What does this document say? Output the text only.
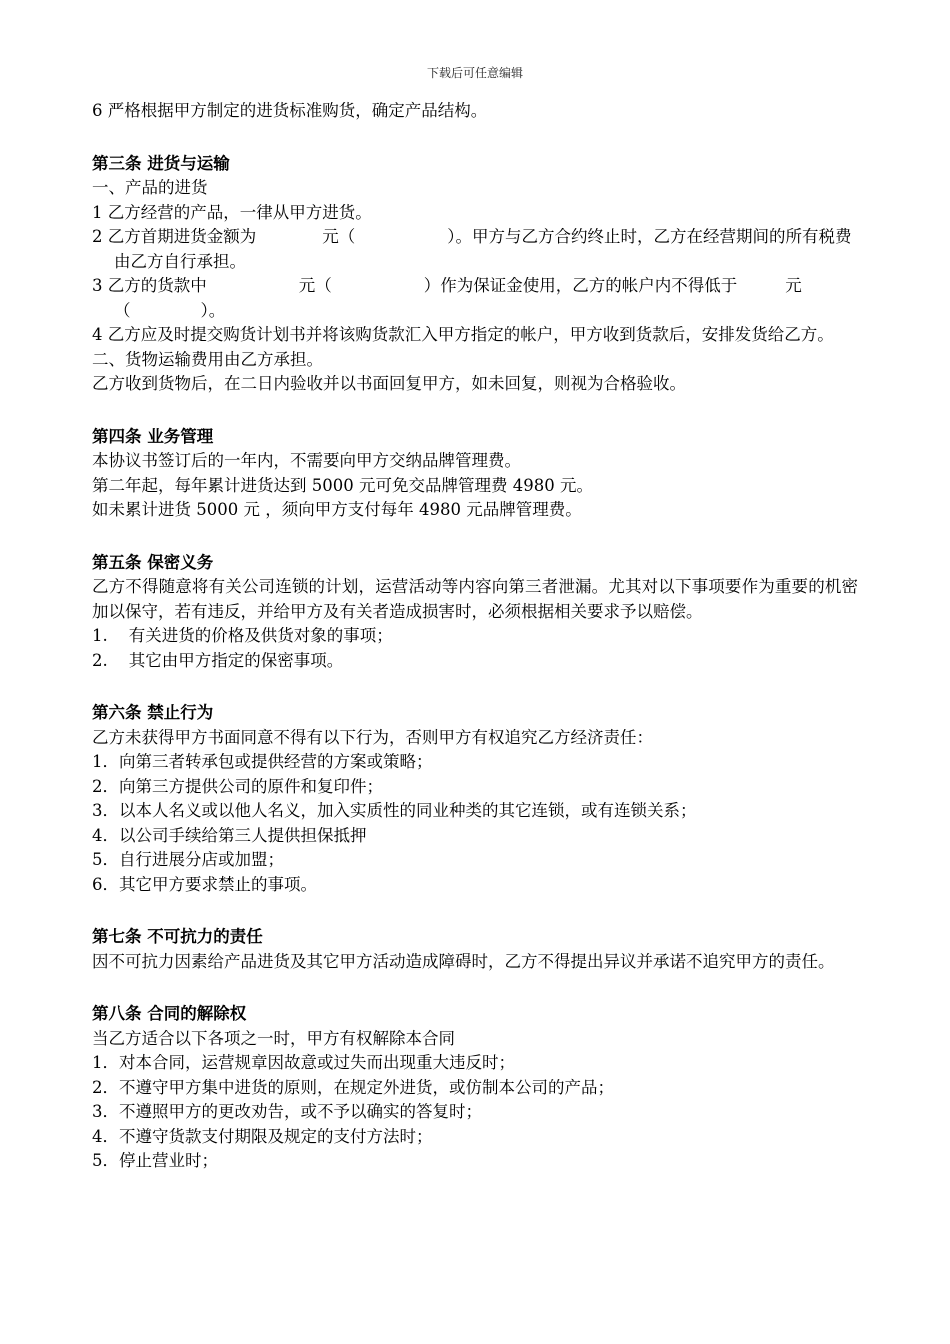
下载后可任意编辑
6 严格根据甲方制定的进货标准购货，确定产品结构。
第三条 进货与运输
一、产品的进货
1 乙方经营的产品，一律从甲方进货。
2 乙方首期进货金额为	元（	）。甲方与乙方合约终止时，乙方在经营期间的所有税费由乙方自行承担。
3 乙方的货款中	元（	）作为保证金使用，乙方的帐户内不得低于	元
（	）。
4 乙方应及时提交购货计划书并将该购货款汇入甲方指定的帐户，甲方收到货款后，安排发货给乙方。
二、货物运输费用由乙方承担。
乙方收到货物后，在二日内验收并以书面回复甲方，如未回复，则视为合格验收。
第四条 业务管理
本协议书签订后的一年内，不需要向甲方交纳品牌管理费。
第二年起，每年累计进货达到 5000 元可免交品牌管理费 4980 元。
如未累计进货 5000 元 ，须向甲方支付每年 4980 元品牌管理费。
第五条 保密义务
乙方不得随意将有关公司连锁的计划，运营活动等内容向第三者泄漏。尤其对以下事项要作为重要的机密加以保守，若有违反，并给甲方及有关者造成损害时，必须根据相关要求予以赔偿。
1.    有关进货的价格及供货对象的事项；
2.    其它由甲方指定的保密事项。
第六条 禁止行为
乙方未获得甲方书面同意不得有以下行为，否则甲方有权追究乙方经济责任：
1．向第三者转承包或提供经营的方案或策略；
2．向第三方提供公司的原件和复印件；
3．以本人名义或以他人名义，加入实质性的同业种类的其它连锁，或有连锁关系；
4．以公司手续给第三人提供担保抵押
5．自行进展分店或加盟；
6．其它甲方要求禁止的事项。
第七条 不可抗力的责任
因不可抗力因素给产品进货及其它甲方活动造成障碍时，乙方不得提出异议并承诺不追究甲方的责任。
第八条 合同的解除权
当乙方适合以下各项之一时，甲方有权解除本合同
1．对本合同，运营规章因故意或过失而出现重大违反时；
2．不遵守甲方集中进货的原则，在规定外进货，或仿制本公司的产品；
3．不遵照甲方的更改劝告，或不予以确实的答复时；
4．不遵守货款支付期限及规定的支付方法时；
5．停止营业时；
